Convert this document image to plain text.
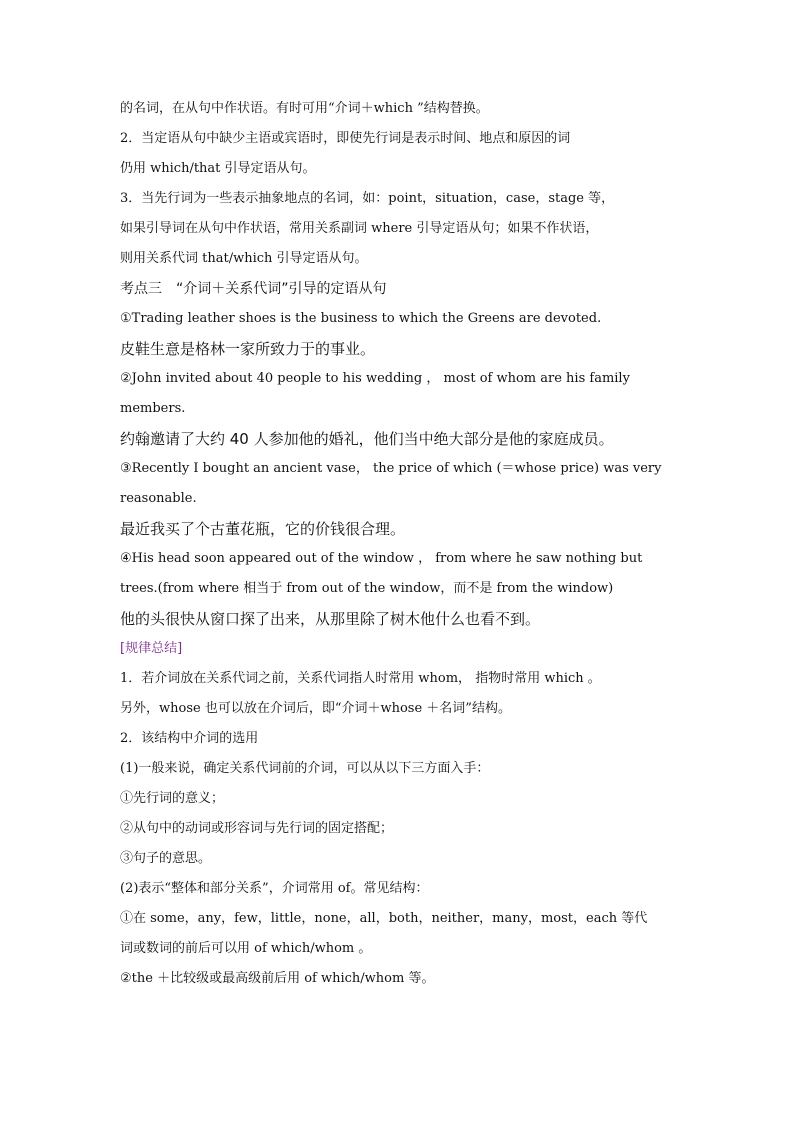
的名词，在从句中作状语。有时可用“介词＋which ”结构替换。

2．当定语从句中缺少主语或宾语时，即使先行词是表示时间、地点和原因的词

仍用 which/that 引导定语从句。

3．当先行词为一些表示抽象地点的名词，如：point，situation，case，stage 等，

如果引导词在从句中作状语，常用关系副词 where 引导定语从句；如果不作状语，

则用关系代词 that/which 引导定语从句。

考点三　“介词＋关系代词”引导的定语从句

①Trading leather shoes is the business to which the Greens are devoted.

皮鞋生意是格林一家所致力于的事业。

②John invited about 40 people to his wedding ， most of whom are his family

members.

约翰邀请了大约 40 人参加他的婚礼，他们当中绝大部分是他的家庭成员。

③Recently I bought an ancient vase， the price of which (＝whose price) was very

reasonable.

最近我买了个古董花瓶，它的价钱很合理。

④His head soon appeared out of the window ， from where he saw nothing but

trees.(from where 相当于 from out of the window，而不是 from the window)

他的头很快从窗口探了出来，从那里除了树木他什么也看不到。

[规律总结]

1．若介词放在关系代词之前，关系代词指人时常用 whom， 指物时常用 which 。

另外，whose 也可以放在介词后，即“介词＋whose ＋名词”结构。

2．该结构中介词的选用

(1)一般来说，确定关系代词前的介词，可以从以下三方面入手：

①先行词的意义；

②从句中的动词或形容词与先行词的固定搭配；

③句子的意思。

(2)表示“整体和部分关系”，介词常用 of。常见结构：

①在 some，any，few，little，none，all，both，neither，many，most，each 等代

词或数词的前后可以用 of which/whom 。

②the ＋比较级或最高级前后用 of which/whom 等。
